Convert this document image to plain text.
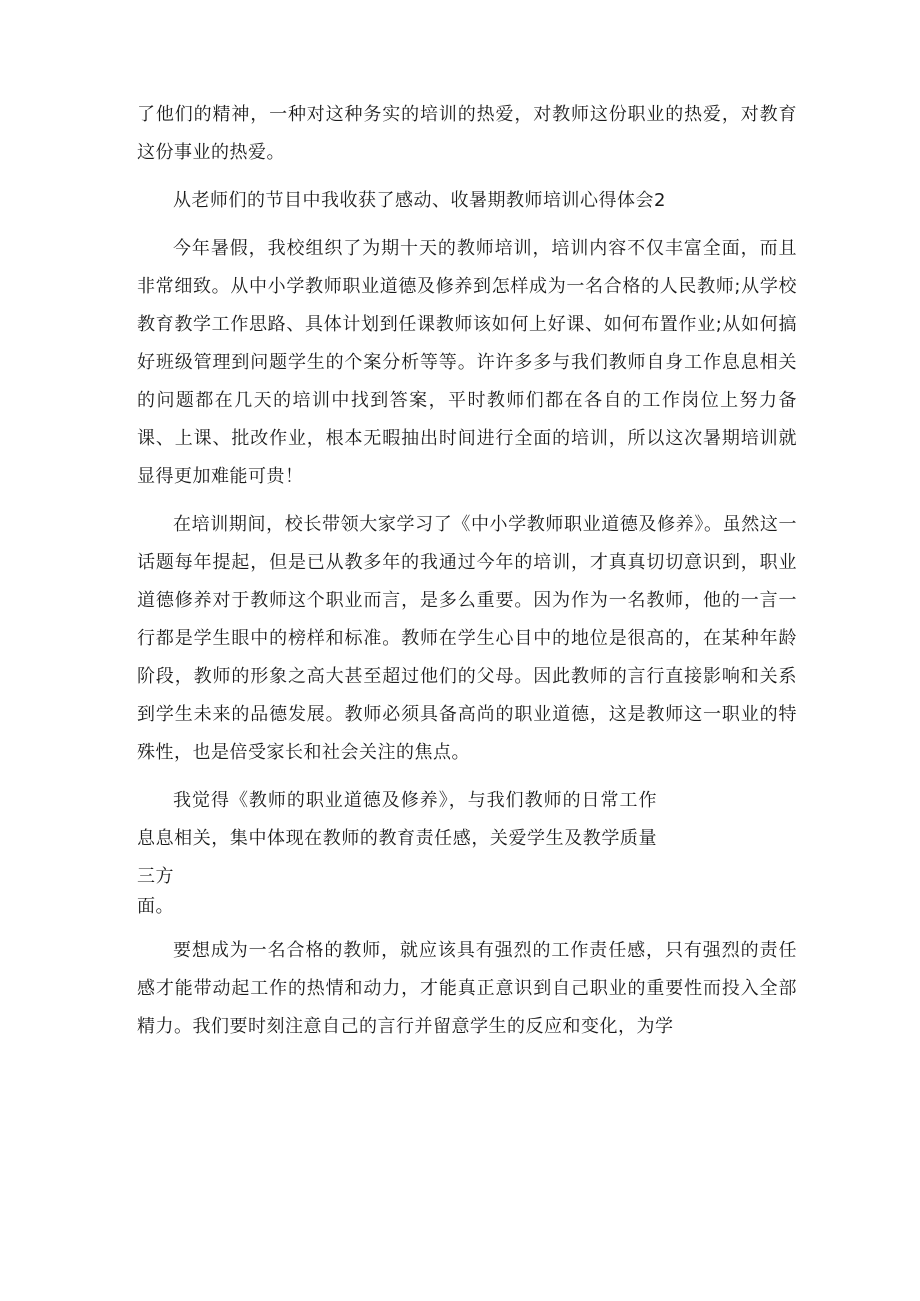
了他们的精神，一种对这种务实的培训的热爱，对教师这份职业的热爱，对教育这份事业的热爱。

从老师们的节目中我收获了感动、收暑期教师培训心得体会2

今年暑假，我校组织了为期十天的教师培训，培训内容不仅丰富全面，而且非常细致。从中小学教师职业道德及修养到怎样成为一名合格的人民教师;从学校教育教学工作思路、具体计划到任课教师该如何上好课、如何布置作业;从如何搞好班级管理到问题学生的个案分析等等。许许多多与我们教师自身工作息息相关的问题都在几天的培训中找到答案，平时教师们都在各自的工作岗位上努力备课、上课、批改作业，根本无暇抽出时间进行全面的培训，所以这次暑期培训就显得更加难能可贵！

在培训期间，校长带领大家学习了《中小学教师职业道德及修养》。虽然这一话题每年提起，但是已从教多年的我通过今年的培训，才真真切切意识到，职业道德修养对于教师这个职业而言，是多么重要。因为作为一名教师，他的一言一行都是学生眼中的榜样和标准。教师在学生心目中的地位是很高的，在某种年龄阶段，教师的形象之高大甚至超过他们的父母。因此教师的言行直接影响和关系到学生未来的品德发展。教师必须具备高尚的职业道德，这是教师这一职业的特殊性，也是倍受家长和社会关注的焦点。

我觉得《教师的职业道德及修养》，与我们教师的日常工作息息相关，集中体现在教师的教育责任感，关爱学生及教学质量三方

面。

要想成为一名合格的教师，就应该具有强烈的工作责任感，只有强烈的责任感才能带动起工作的热情和动力，才能真正意识到自己职业的重要性而投入全部精力。我们要时刻注意自己的言行并留意学生的反应和变化，为学
